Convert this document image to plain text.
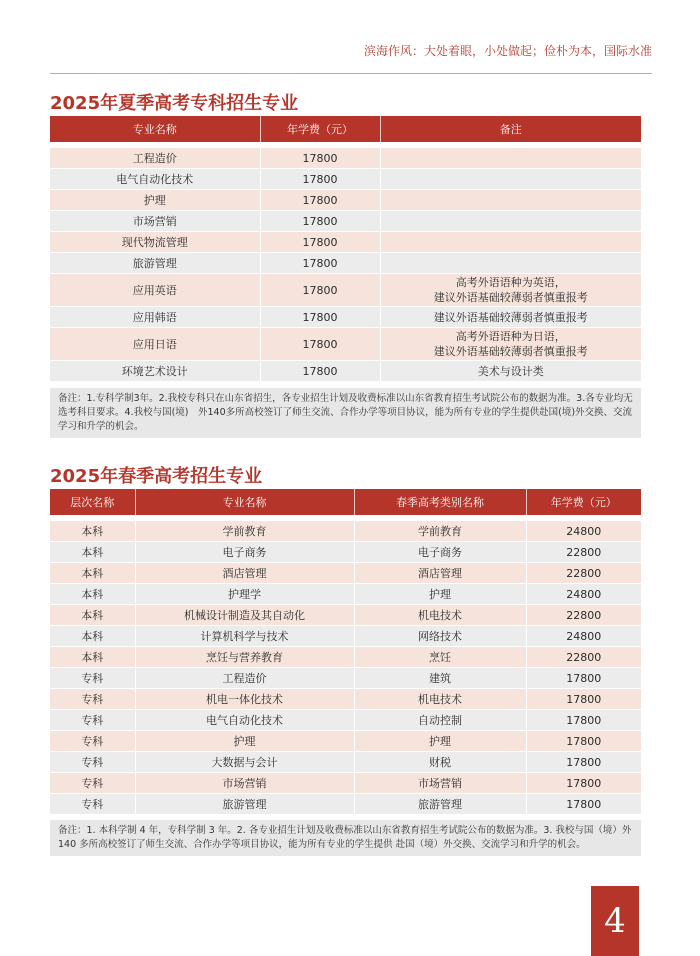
滨海作风：大处着眼，小处做起；俭朴为本，国际水准
2025年夏季高考专科招生专业
专业名称	年学费（元）	备注

工程造价	17800	
电气自动化技术	17800	
护理	17800	
市场营销	17800	
现代物流管理	17800	
旅游管理	17800	
应用英语	17800	高考外语语种为英语，
建议外语基础较薄弱者慎重报考

应用韩语	17800	建议外语基础较薄弱者慎重报考
应用日语	17800	高考外语语种为日语，
建议外语基础较薄弱者慎重报考

环境艺术设计	17800	美术与设计类
备注：1.专科学制3年。2.我校专科只在山东省招生，各专业招生计划及收费标准以山东省教育招生考试院公布的数据为准。3.各专业均无选考科目要求。4.我校与国(境)　外140多所高校签订了师生交流、合作办学等项目协议，能为所有专业的学生提供赴国(境)外交换、交流学习和升学的机会。
2025年春季高考招生专业
层次名称	专业名称	春季高考类别名称	年学费（元）

本科	学前教育	学前教育	24800
本科	电子商务	电子商务	22800
本科	酒店管理	酒店管理	22800
本科	护理学	护理	24800
本科	机械设计制造及其自动化	机电技术	22800
本科	计算机科学与技术	网络技术	24800
本科	烹饪与营养教育	烹饪	22800
专科	工程造价	建筑	17800
专科	机电一体化技术	机电技术	17800
专科	电气自动化技术	自动控制	17800
专科	护理	护理	17800
专科	大数据与会计	财税	17800
专科	市场营销	市场营销	17800
专科	旅游管理	旅游管理	17800
备注：1. 本科学制 4 年，专科学制 3 年。2. 各专业招生计划及收费标准以山东省教育招生考试院公布的数据为准。3. 我校与国（境）外 140 多所高校签订了师生交流、合作办学等项目协议，能为所有专业的学生提供 赴国（境）外交换、交流学习和升学的机会。
4
